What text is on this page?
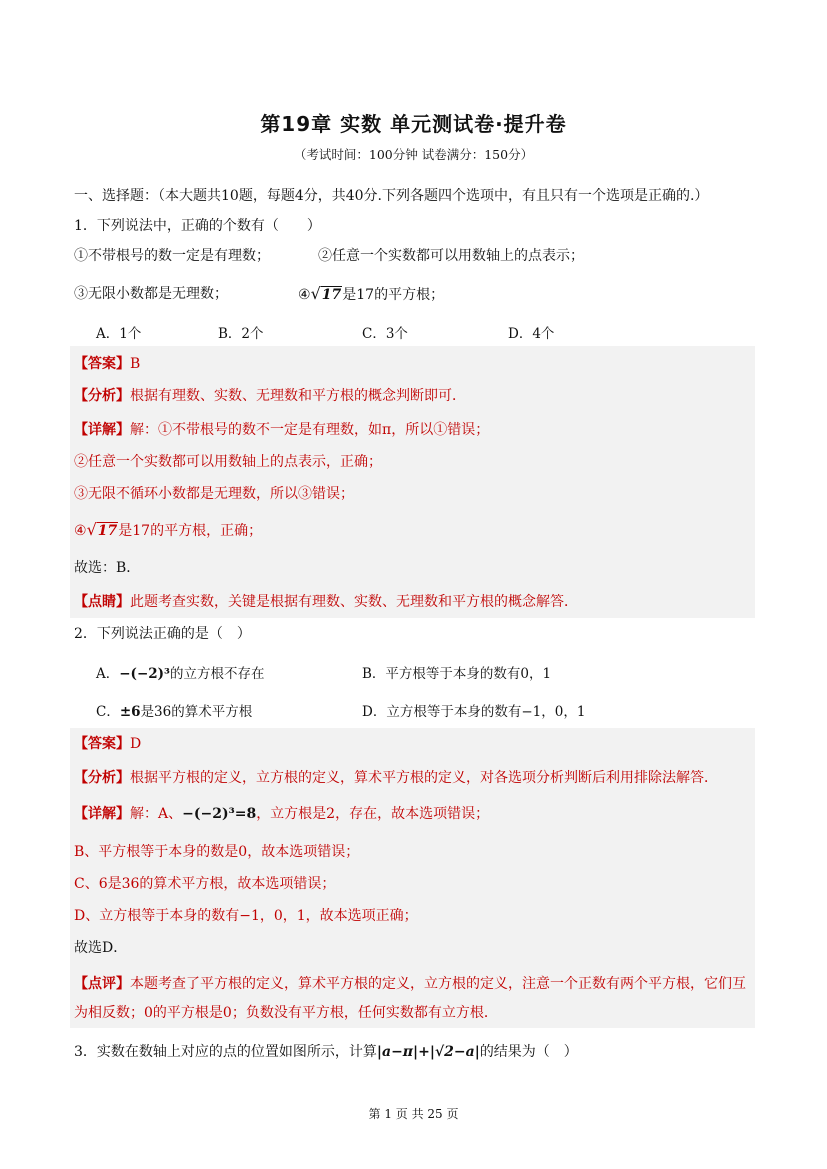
第19章 实数 单元测试卷·提升卷
（考试时间：100分钟 试卷满分：150分）
一、选择题：（本大题共10题，每题4分，共40分.下列各题四个选项中，有且只有一个选项是正确的.）
1．下列说法中，正确的个数有（　　）
①不带根号的数一定是有理数；	②任意一个实数都可以用数轴上的点表示；
③无限小数都是无理数；	④√17是17的平方根；
A．1个	B．2个	C．3个	D．4个
【答案】B
【分析】根据有理数、实数、无理数和平方根的概念判断即可．
【详解】解：①不带根号的数不一定是有理数，如π，所以①错误；
②任意一个实数都可以用数轴上的点表示，正确；
③无限不循环小数都是无理数，所以③错误；
④√17是17的平方根，正确；
故选：B．
【点睛】此题考查实数，关键是根据有理数、实数、无理数和平方根的概念解答．
2．下列说法正确的是（　）
A．−(−2)³的立方根不存在	B．平方根等于本身的数有0，1
C．±6是36的算术平方根	D．立方根等于本身的数有−1，0，1
【答案】D
【分析】根据平方根的定义，立方根的定义，算术平方根的定义，对各选项分析判断后利用排除法解答．
【详解】解：A、−(−2)³=8，立方根是2，存在，故本选项错误；
B、平方根等于本身的数是0，故本选项错误；
C、6是36的算术平方根，故本选项错误；
D、立方根等于本身的数有−1，0，1，故本选项正确；
故选D．
【点评】本题考查了平方根的定义，算术平方根的定义，立方根的定义，注意一个正数有两个平方根，它们互为相反数；0的平方根是0；负数没有平方根，任何实数都有立方根．
3．实数在数轴上对应的点的位置如图所示，计算|a−π|+|√2−a|的结果为（　）
第 1 页 共 25 页
